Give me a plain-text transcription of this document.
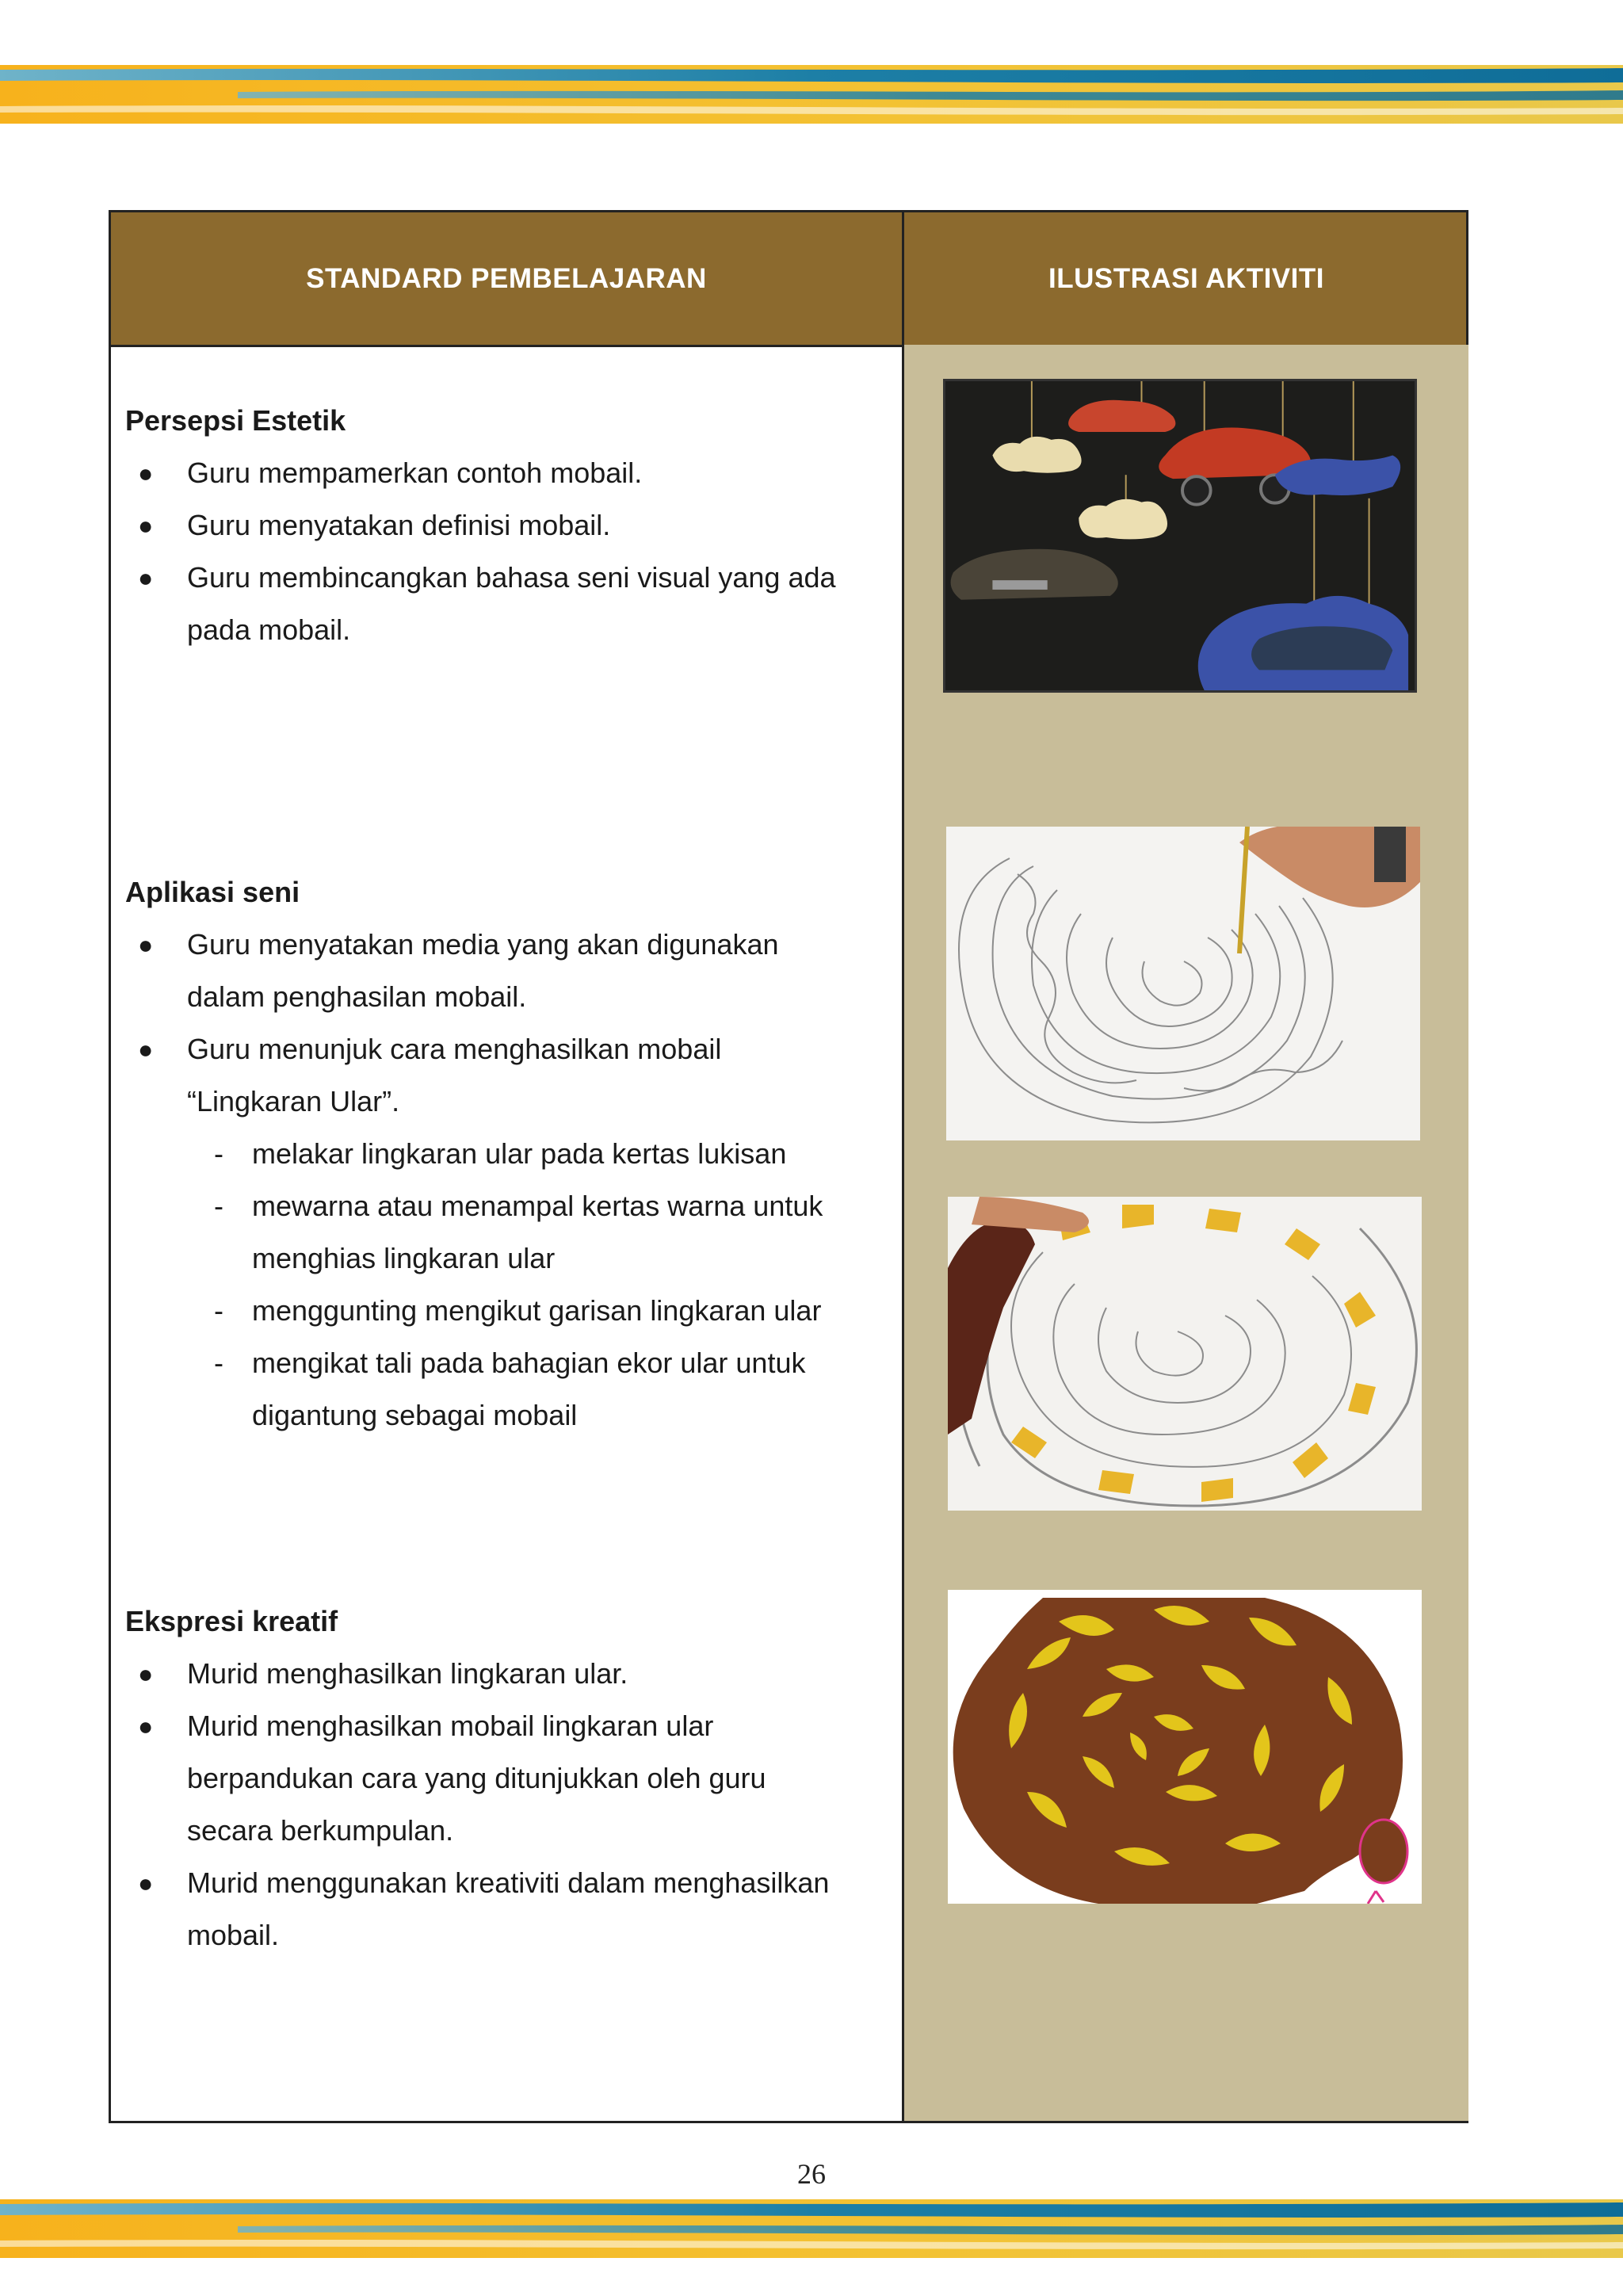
STANDARD PEMBELAJARAN	ILUSTRASI AKTIVITI
Persepsi Estetik
● Guru mempamerkan contoh mobail.
● Guru menyatakan definisi mobail.
● Guru membincangkan bahasa seni visual yang ada
pada mobail.
Aplikasi seni
● Guru menyatakan media yang akan digunakan
dalam penghasilan mobail.
● Guru menunjuk cara menghasilkan mobail
“Lingkaran Ular”.
- melakar lingkaran ular pada kertas lukisan
- mewarna atau menampal kertas warna untuk
menghias lingkaran ular
- menggunting mengikut garisan lingkaran ular
- mengikat tali pada bahagian ekor ular untuk
digantung sebagai mobail
Ekspresi kreatif
● Murid menghasilkan lingkaran ular.
● Murid menghasilkan mobail lingkaran ular
berpandukan cara yang ditunjukkan oleh guru
secara berkumpulan.
● Murid menggunakan kreativiti dalam menghasilkan
mobail.
26
